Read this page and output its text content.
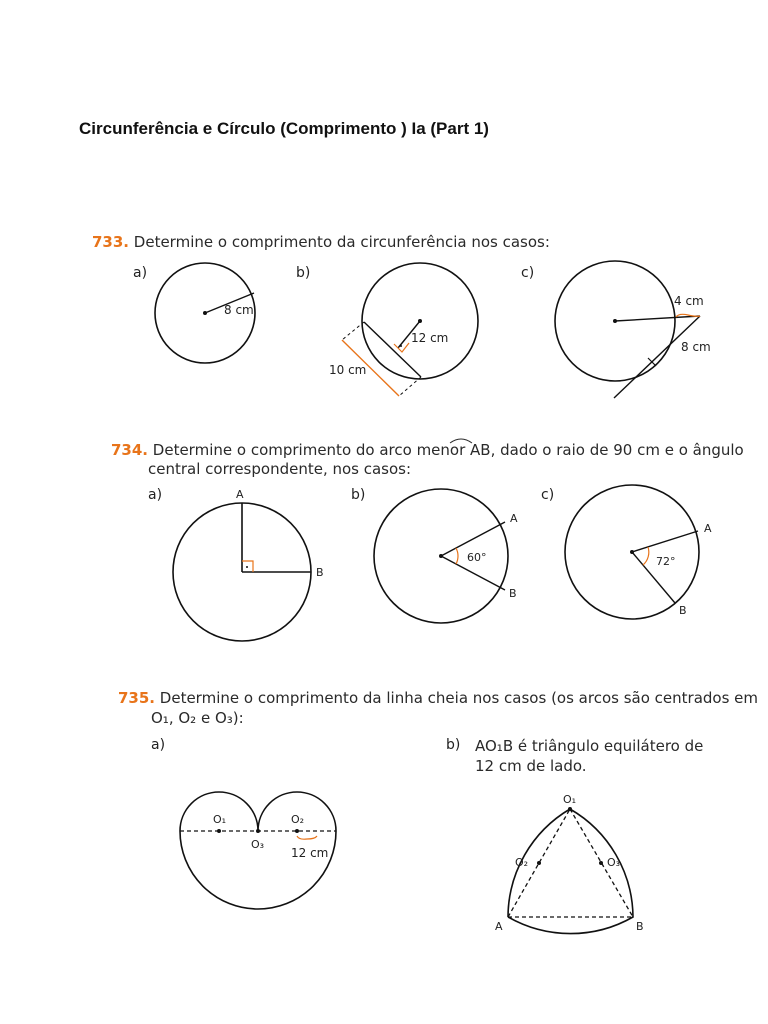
Circunferência e Círculo (Comprimento ) Ia (Part 1)
733. Determine o comprimento da circunferência nos casos:
a)	b)	c)
8 cm
12 cm
10 cm
4 cm
8 cm
734. Determine o comprimento do arco menor AB, dado o raio de 90 cm e o ângulo
central correspondente, nos casos:
a)	b)	c)
A
B
60°
A
B
72°
A
B
735. Determine o comprimento da linha cheia nos casos (os arcos são centrados em
O₁, O₂ e O₃):
a)	b) AO₁B é triângulo equilátero de
12 cm de lado.
O₁	O₂
O₃
12 cm
O₁
O₂	O₃
A	B
